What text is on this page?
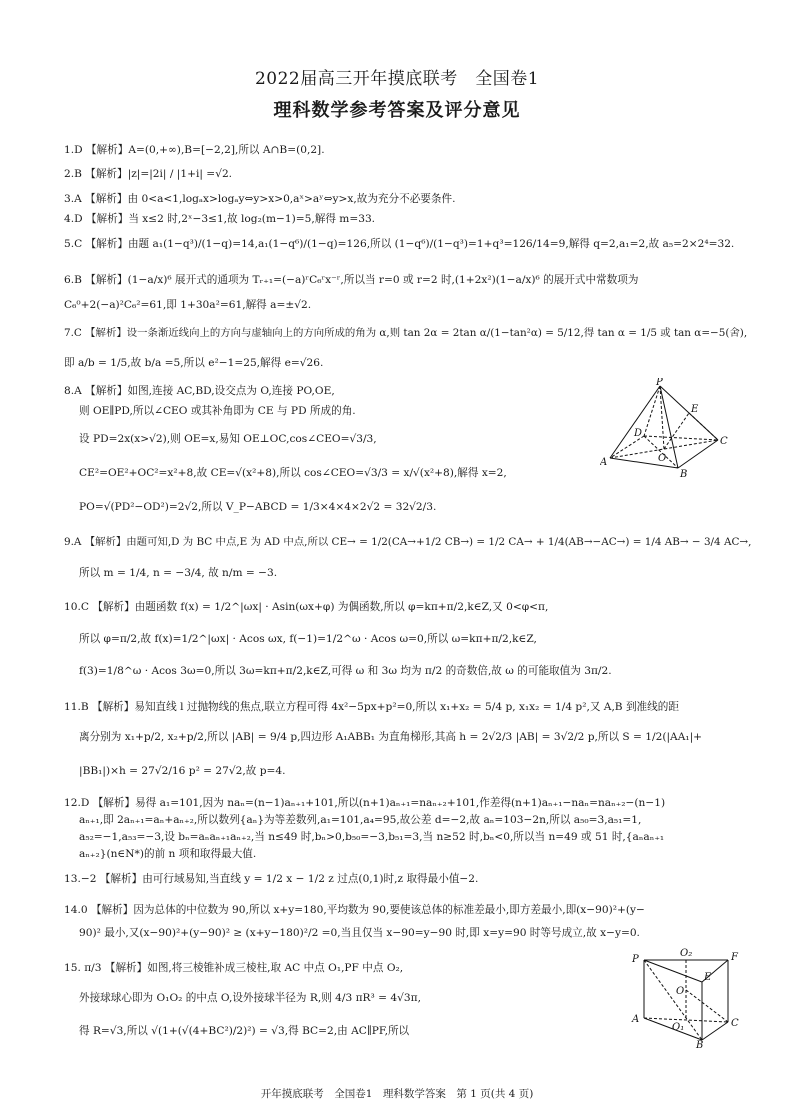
2022届高三开年摸底联考　全国卷1
理科数学参考答案及评分意见
1.D 【解析】A=(0,+∞),B=[−2,2],所以 A∩B=(0,2].
2.B 【解析】|z|=|2i| / |1+i| =√2.
3.A 【解析】由 0<a<1,logₐx>logₐy⇔y>x>0,aˣ>aʸ⇔y>x,故为充分不必要条件.
4.D 【解析】当 x≤2 时,2ˣ−3≤1,故 log₂(m−1)=5,解得 m=33.
5.C 【解析】由题 a₁(1−q³)/(1−q)=14,a₁(1−q⁶)/(1−q)=126,所以 (1−q⁶)/(1−q³)=1+q³=126/14=9,解得 q=2,a₁=2,故 a₅=2×2⁴=32.
6.B 【解析】(1−a/x)⁶ 展开式的通项为 Tᵣ₊₁=(−a)ʳC₆ʳx⁻ʳ,所以当 r=0 或 r=2 时,(1+2x²)(1−a/x)⁶ 的展开式中常数项为
C₆⁰+2(−a)²C₆²=61,即 1+30a²=61,解得 a=±√2.
7.C 【解析】设一条渐近线向上的方向与虚轴向上的方向所成的角为 α,则 tan 2α = 2tan α/(1−tan²α) = 5/12,得 tan α = 1/5 或 tan α=−5(舍),
即 a/b = 1/5,故 b/a =5,所以 e²−1=25,解得 e=√26.
8.A 【解析】如图,连接 AC,BD,设交点为 O,连接 PO,OE,
则 OE∥PD,所以∠CEO 或其补角即为 CE 与 PD 所成的角.
设 PD=2x(x>√2),则 OE=x,易知 OE⊥OC,cos∠CEO=√3/3,
CE²=OE²+OC²=x²+8,故 CE=√(x²+8),所以 cos∠CEO=√3/3 = x/√(x²+8),解得 x=2,
PO=√(PD²−OD²)=2√2,所以 V_P−ABCD = 1/3×4×4×2√2 = 32√2/3.
P
D
E
A	O
B
C
9.A 【解析】由题可知,D 为 BC 中点,E 为 AD 中点,所以 CE→ = 1/2(CA→+1/2 CB→) = 1/2 CA→ + 1/4(AB→−AC→) = 1/4 AB→ − 3/4 AC→,
所以 m = 1/4, n = −3/4, 故 n/m = −3.
10.C 【解析】由题函数 f(x) = 1/2^|ωx| · Asin(ωx+φ) 为偶函数,所以 φ=kπ+π/2,k∈Z,又 0<φ<π,
所以 φ=π/2,故 f(x)=1/2^|ωx| · Acos ωx, f(−1)=1/2^ω · Acos ω=0,所以 ω=kπ+π/2,k∈Z,
f(3)=1/8^ω · Acos 3ω=0,所以 3ω=kπ+π/2,k∈Z,可得 ω 和 3ω 均为 π/2 的奇数倍,故 ω 的可能取值为 3π/2.
11.B 【解析】易知直线 l 过抛物线的焦点,联立方程可得 4x²−5px+p²=0,所以 x₁+x₂ = 5/4 p, x₁x₂ = 1/4 p²,又 A,B 到准线的距
离分别为 x₁+p/2, x₂+p/2,所以 |AB| = 9/4 p,四边形 A₁ABB₁ 为直角梯形,其高 h = 2√2/3 |AB| = 3√2/2 p,所以 S = 1/2(|AA₁|+
|BB₁|)×h = 27√2/16 p² = 27√2,故 p=4.
12.D 【解析】易得 a₁=101,因为 naₙ=(n−1)aₙ₊₁+101,所以(n+1)aₙ₊₁=naₙ₊₂+101,作差得(n+1)aₙ₊₁−naₙ=naₙ₊₂−(n−1)
aₙ₊₁,即 2aₙ₊₁=aₙ+aₙ₊₂,所以数列{aₙ}为等差数列,a₁=101,a₄=95,故公差 d=−2,故 aₙ=103−2n,所以 a₅₀=3,a₅₁=1,
a₅₂=−1,a₅₃=−3,设 bₙ=aₙaₙ₊₁aₙ₊₂,当 n≤49 时,bₙ>0,b₅₀=−3,b₅₁=3,当 n≥52 时,bₙ<0,所以当 n=49 或 51 时,{aₙaₙ₊₁
aₙ₊₂}(n∈N*)的前 n 项和取得最大值.
13.−2 【解析】由可行域易知,当直线 y = 1/2 x − 1/2 z 过点(0,1)时,z 取得最小值−2.
14.0 【解析】因为总体的中位数为 90,所以 x+y=180,平均数为 90,要使该总体的标准差最小,即方差最小,即(x−90)²+(y−
90)² 最小,又(x−90)²+(y−90)² ≥ (x+y−180)²/2 =0,当且仅当 x−90=y−90 时,即 x=y=90 时等号成立,故 x−y=0.
15. π/3 【解析】如图,将三棱锥补成三棱柱,取 AC 中点 O₁,PF 中点 O₂,
外接球球心即为 O₁O₂ 的中点 O,设外接球半径为 R,则 4/3 πR³ = 4√3π,
得 R=√3,所以 √(1+(√(4+BC²)/2)²) = √3,得 BC=2,由 AC∥PF,所以
P
O₂	F
E
O
A
O₁	C
B
开年摸底联考　全国卷1　理科数学答案　第 1 页(共 4 页)
